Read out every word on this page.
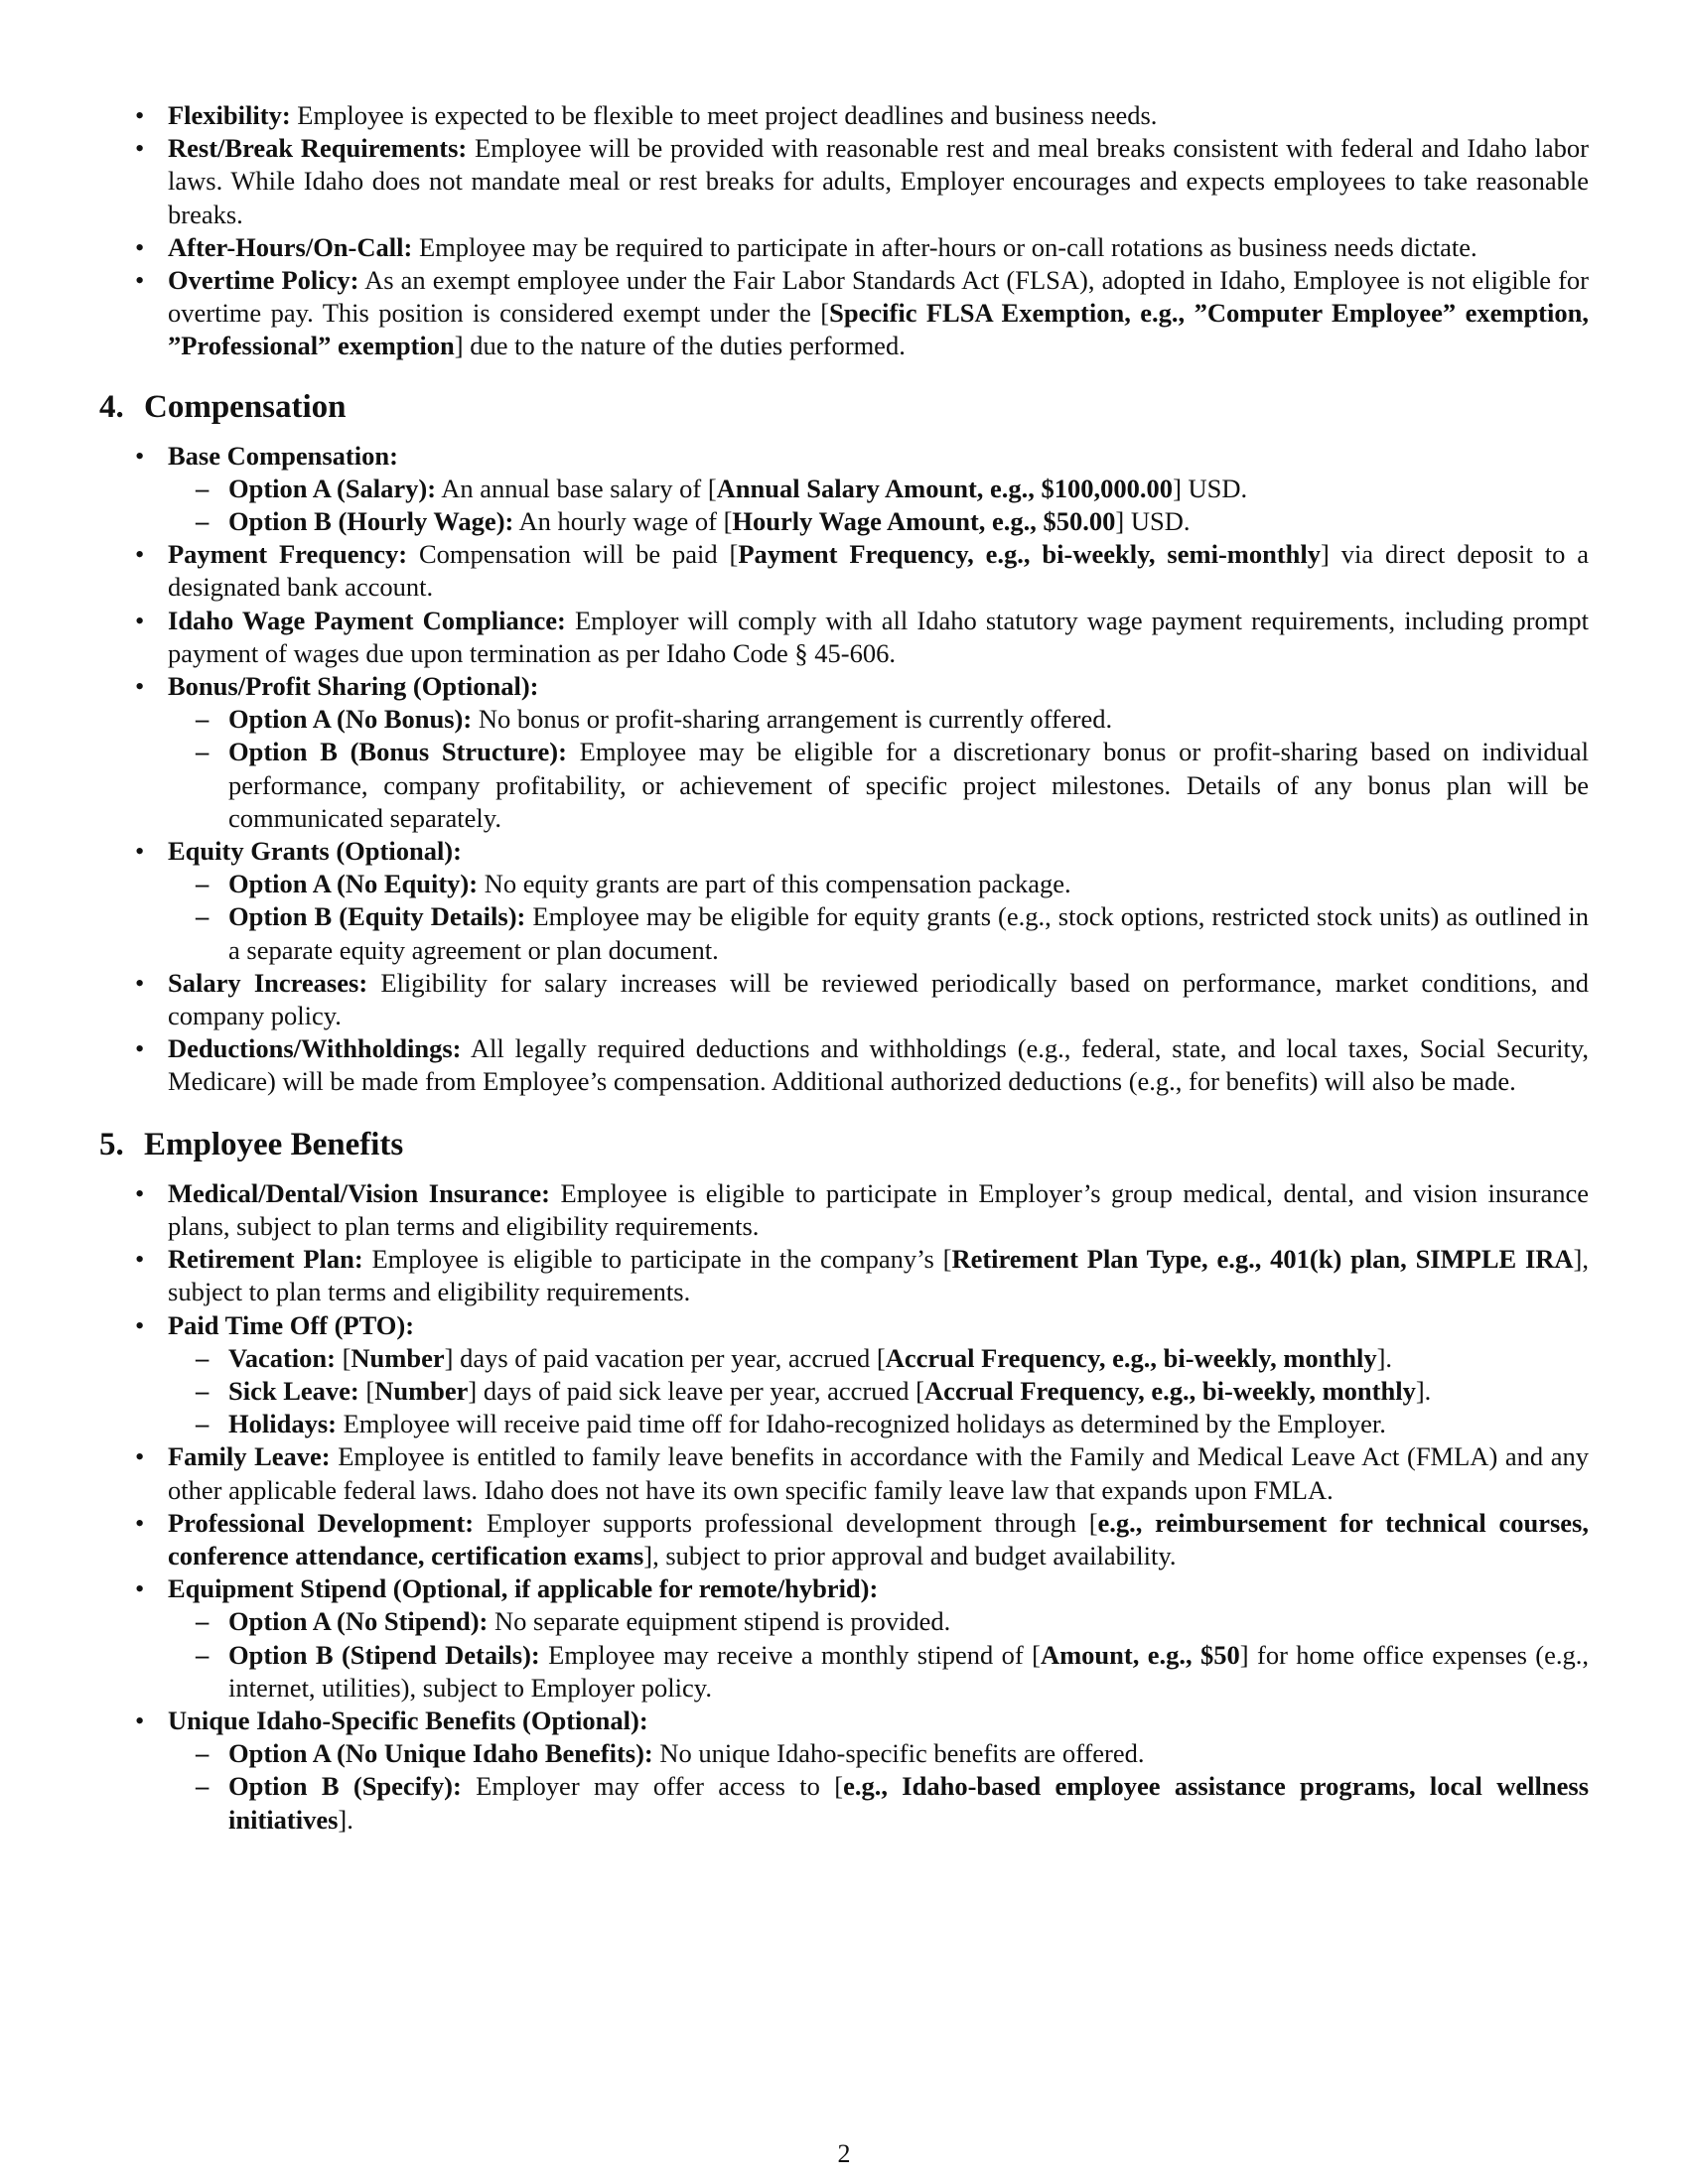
• Flexibility: Employee is expected to be flexible to meet project deadlines and business needs.
• Rest/Break Requirements: Employee will be provided with reasonable rest and meal breaks consistent with federal and Idaho labor laws. While Idaho does not mandate meal or rest breaks for adults, Employer encourages and expects employees to take reasonable breaks.
• After-Hours/On-Call: Employee may be required to participate in after-hours or on-call rotations as business needs dictate.
• Overtime Policy: As an exempt employee under the Fair Labor Standards Act (FLSA), adopted in Idaho, Employee is not eligible for overtime pay. This position is considered exempt under the [Specific FLSA Exemption, e.g., ”Computer Employee” exemption, ”Professional” exemption] due to the nature of the duties performed.
4. Compensation
• Base Compensation:
– Option A (Salary): An annual base salary of [Annual Salary Amount, e.g., $100,000.00] USD.
– Option B (Hourly Wage): An hourly wage of [Hourly Wage Amount, e.g., $50.00] USD.
• Payment Frequency: Compensation will be paid [Payment Frequency, e.g., bi-weekly, semi-monthly] via direct deposit to a designated bank account.
• Idaho Wage Payment Compliance: Employer will comply with all Idaho statutory wage payment requirements, including prompt payment of wages due upon termination as per Idaho Code § 45-606.
• Bonus/Profit Sharing (Optional):
– Option A (No Bonus): No bonus or profit-sharing arrangement is currently offered.
– Option B (Bonus Structure): Employee may be eligible for a discretionary bonus or profit-sharing based on individual performance, company profitability, or achievement of specific project milestones. Details of any bonus plan will be communicated separately.
• Equity Grants (Optional):
– Option A (No Equity): No equity grants are part of this compensation package.
– Option B (Equity Details): Employee may be eligible for equity grants (e.g., stock options, restricted stock units) as outlined in a separate equity agreement or plan document.
• Salary Increases: Eligibility for salary increases will be reviewed periodically based on performance, market conditions, and company policy.
• Deductions/Withholdings: All legally required deductions and withholdings (e.g., federal, state, and local taxes, Social Security, Medicare) will be made from Employee’s compensation. Additional authorized deductions (e.g., for benefits) will also be made.
5. Employee Benefits
• Medical/Dental/Vision Insurance: Employee is eligible to participate in Employer’s group medical, dental, and vision insurance plans, subject to plan terms and eligibility requirements.
• Retirement Plan: Employee is eligible to participate in the company’s [Retirement Plan Type, e.g., 401(k) plan, SIMPLE IRA], subject to plan terms and eligibility requirements.
• Paid Time Off (PTO):
– Vacation: [Number] days of paid vacation per year, accrued [Accrual Frequency, e.g., bi-weekly, monthly].
– Sick Leave: [Number] days of paid sick leave per year, accrued [Accrual Frequency, e.g., bi-weekly, monthly].
– Holidays: Employee will receive paid time off for Idaho-recognized holidays as determined by the Employer.
• Family Leave: Employee is entitled to family leave benefits in accordance with the Family and Medical Leave Act (FMLA) and any other applicable federal laws. Idaho does not have its own specific family leave law that expands upon FMLA.
• Professional Development: Employer supports professional development through [e.g., reimbursement for technical courses, conference attendance, certification exams], subject to prior approval and budget availability.
• Equipment Stipend (Optional, if applicable for remote/hybrid):
– Option A (No Stipend): No separate equipment stipend is provided.
– Option B (Stipend Details): Employee may receive a monthly stipend of [Amount, e.g., $50] for home office expenses (e.g., internet, utilities), subject to Employer policy.
• Unique Idaho-Specific Benefits (Optional):
– Option A (No Unique Idaho Benefits): No unique Idaho-specific benefits are offered.
– Option B (Specify): Employer may offer access to [e.g., Idaho-based employee assistance programs, local wellness initiatives].
2
